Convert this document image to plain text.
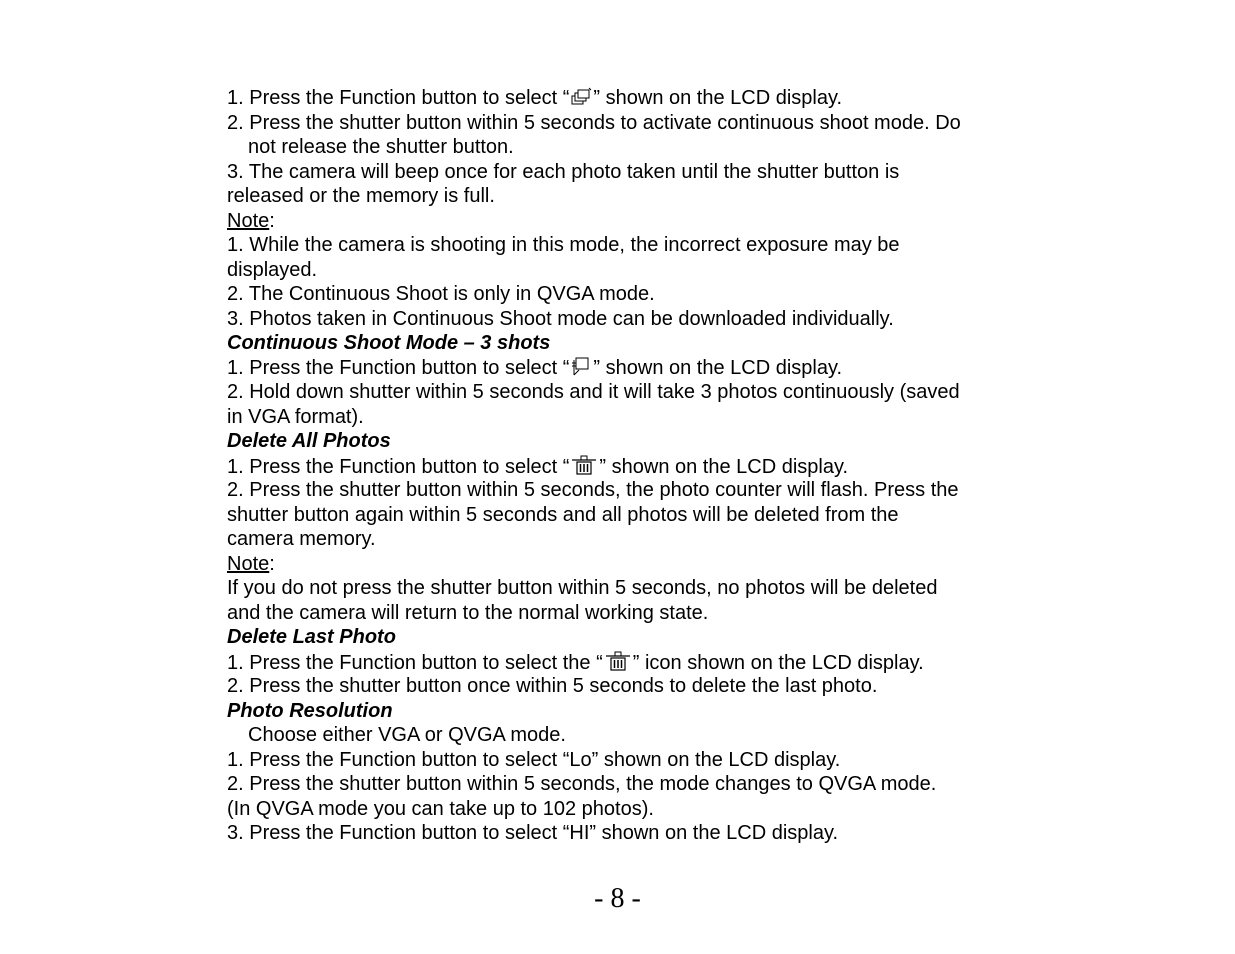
1. Press the Function button to select “ ” shown on the LCD display.
2. Press the shutter button within 5 seconds to activate continuous shoot mode. Do
not release the shutter button.
3. The camera will beep once for each photo taken until the shutter button is
released or the memory is full.
Note:
1. While the camera is shooting in this mode, the incorrect exposure may be
displayed.
2. The Continuous Shoot is only in QVGA mode.
3. Photos taken in Continuous Shoot mode can be downloaded individually.
Continuous Shoot Mode – 3 shots
1. Press the Function button to select “ ” shown on the LCD display.
2. Hold down shutter within 5 seconds and it will take 3 photos continuously (saved
in VGA format).
Delete All Photos
1. Press the Function button to select “ ” shown on the LCD display.
2. Press the shutter button within 5 seconds, the photo counter will flash. Press the
shutter button again within 5 seconds and all photos will be deleted from the
camera memory.
Note:
If you do not press the shutter button within 5 seconds, no photos will be deleted
and the camera will return to the normal working state.
Delete Last Photo
1. Press the Function button to select the “ ” icon shown on the LCD display.
2. Press the shutter button once within 5 seconds to delete the last photo.
Photo Resolution
Choose either VGA or QVGA mode.
1. Press the Function button to select “Lo” shown on the LCD display.
2. Press the shutter button within 5 seconds, the mode changes to QVGA mode.
(In QVGA mode you can take up to 102 photos).
3. Press the Function button to select “HI” shown on the LCD display.
- 8 -
